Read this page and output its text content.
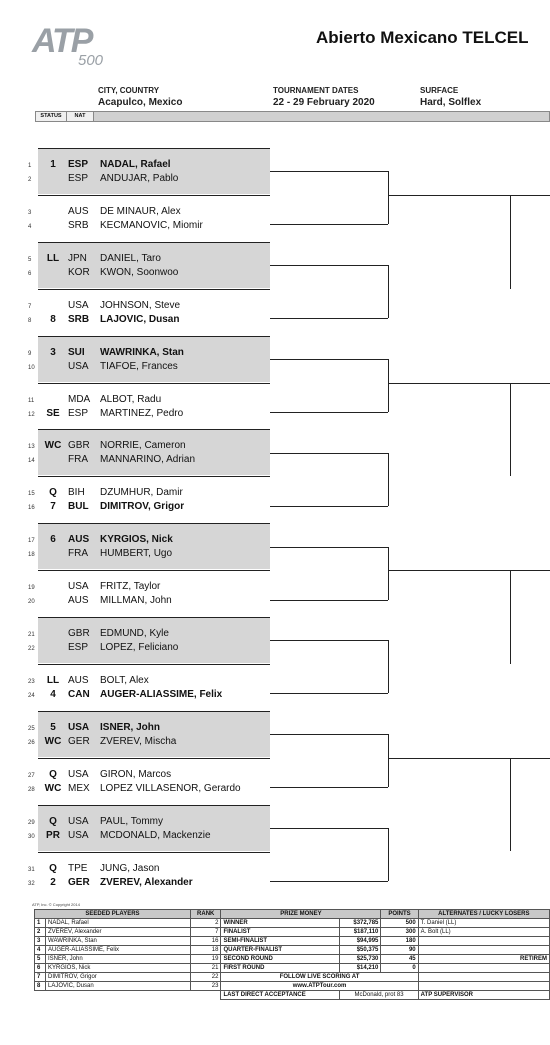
ATP
500
Abierto Mexicano TELCEL
CITY, COUNTRY
Acapulco, Mexico
TOURNAMENT DATES
22 - 29 February 2020
SURFACE
Hard, Solflex
STATUS	NAT
1	1	ESP NADAL, Rafael
2	ESP ANDUJAR, Pablo
3	AUS DE MINAUR, Alex
4	SRB KECMANOVIC, Miomir
5	LL JPN DANIEL, Taro
6	KOR KWON, Soonwoo
7	USA JOHNSON, Steve
8	8	SRB LAJOVIC, Dusan
9	3	SUI WAWRINKA, Stan
10	USA TIAFOE, Frances
11	MDA ALBOT, Radu
12	SE ESP MARTINEZ, Pedro
13 WC GBR NORRIE, Cameron
14	FRA MANNARINO, Adrian
15	Q	BIH DZUMHUR, Damir
16	7	BUL DIMITROV, Grigor
17	6	AUS KYRGIOS, Nick
18	FRA HUMBERT, Ugo
19	USA FRITZ, Taylor
20	AUS MILLMAN, John
21	GBR EDMUND, Kyle
22	ESP LOPEZ, Feliciano
23	LL AUS BOLT, Alex
24	4	CAN AUGER-ALIASSIME, Felix
25	5	USA ISNER, John
26 WC GER ZVEREV, Mischa
27	Q	USA GIRON, Marcos
28 WC MEX LOPEZ VILLASENOR, Gerardo
29	Q	USA PAUL, Tommy
30	PR USA MCDONALD, Mackenzie
31	Q	TPE JUNG, Jason
32	2	GER ZVEREV, Alexander
ATP, Inc. © Copyright 2014
SEEDED PLAYERS		RANK	PRIZE MONEY		POINTS	ALTERNATES / LUCKY LOSERS
1	NADAL, Rafael	2	WINNER	$372,785	500	T. Daniel (LL)
2	ZVEREV, Alexander	7	FINALIST	$187,110	300	A. Bolt (LL)
3	WAWRINKA, Stan	16	SEMI-FINALIST	$94,995	180	
4	AUGER-ALIASSIME, Felix	18	QUARTER-FINALIST	$50,375	90	
5	ISNER, John	19	SECOND ROUND	$25,730	45	RETIREM
6	KYRGIOS, Nick	21	FIRST ROUND	$14,210	0	
7	DIMITROV, Grigor	22	FOLLOW LIVE SCORING AT			
8	LAJOVIC, Dusan	23	www.ATPTour.com			
			LAST DIRECT ACCEPTANCE	McDonald, prot 83		ATP SUPERVISOR
